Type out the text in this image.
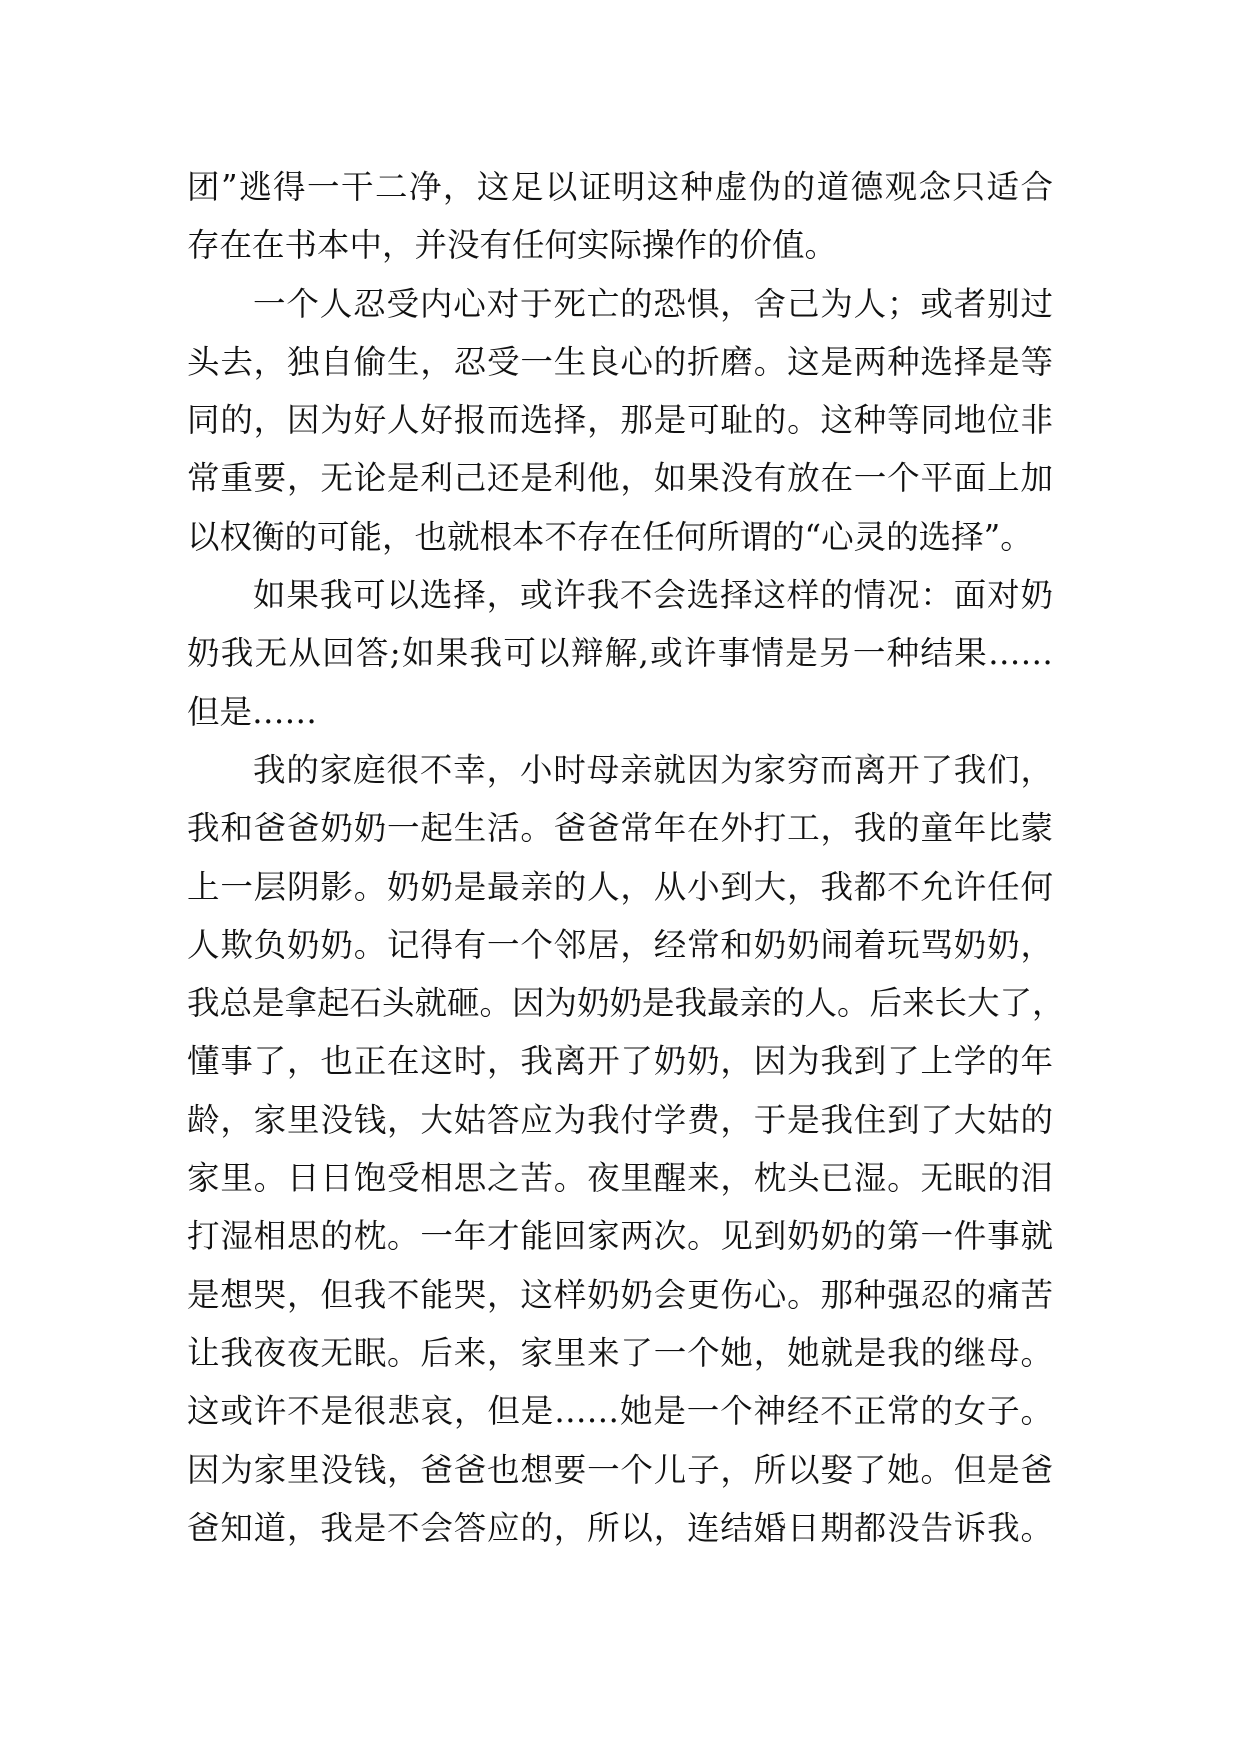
团”逃得一干二净，这足以证明这种虚伪的道德观念只适合
存在在书本中，并没有任何实际操作的价值。
一个人忍受内心对于死亡的恐惧，舍己为人；或者别过
头去，独自偷生，忍受一生良心的折磨。这是两种选择是等
同的，因为好人好报而选择，那是可耻的。这种等同地位非
常重要，无论是利己还是利他，如果没有放在一个平面上加
以权衡的可能，也就根本不存在任何所谓的“心灵的选择”。
如果我可以选择，或许我不会选择这样的情况：面对奶
奶我无从回答;如果我可以辩解,或许事情是另一种结果……
但是……
我的家庭很不幸，小时母亲就因为家穷而离开了我们，
我和爸爸奶奶一起生活。爸爸常年在外打工，我的童年比蒙
上一层阴影。奶奶是最亲的人，从小到大，我都不允许任何
人欺负奶奶。记得有一个邻居，经常和奶奶闹着玩骂奶奶，
我总是拿起石头就砸。因为奶奶是我最亲的人。后来长大了，
懂事了，也正在这时，我离开了奶奶，因为我到了上学的年
龄，家里没钱，大姑答应为我付学费，于是我住到了大姑的
家里。日日饱受相思之苦。夜里醒来，枕头已湿。无眠的泪
打湿相思的枕。一年才能回家两次。见到奶奶的第一件事就
是想哭，但我不能哭，这样奶奶会更伤心。那种强忍的痛苦
让我夜夜无眠。后来，家里来了一个她，她就是我的继母。
这或许不是很悲哀，但是……她是一个神经不正常的女子。
因为家里没钱，爸爸也想要一个儿子，所以娶了她。但是爸
爸知道，我是不会答应的，所以，连结婚日期都没告诉我。
